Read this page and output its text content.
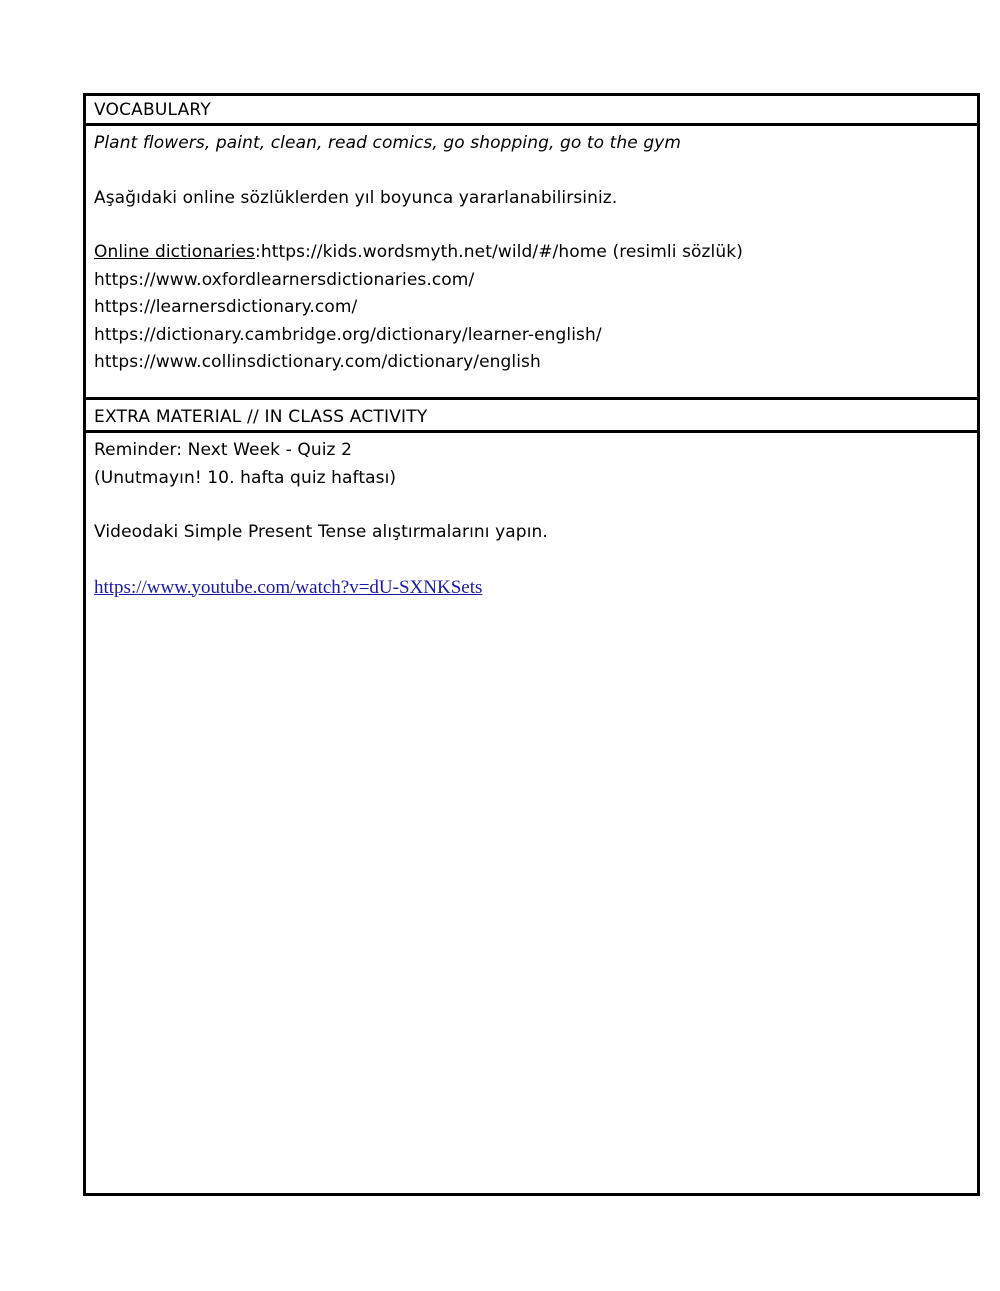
VOCABULARY
Plant flowers, paint, clean, read comics, go shopping, go to the gym
Aşağıdaki online sözlüklerden yıl boyunca yararlanabilirsiniz.
Online dictionaries:https://kids.wordsmyth.net/wild/#/home (resimli sözlük)
https://www.oxfordlearnersdictionaries.com/
https://learnersdictionary.com/
https://dictionary.cambridge.org/dictionary/learner-english/
https://www.collinsdictionary.com/dictionary/english
EXTRA MATERIAL // IN CLASS ACTIVITY
Reminder: Next Week - Quiz 2
(Unutmayın! 10. hafta quiz haftası)
Videodaki Simple Present Tense alıştırmalarını yapın.
https://www.youtube.com/watch?v=dU-SXNKSets
